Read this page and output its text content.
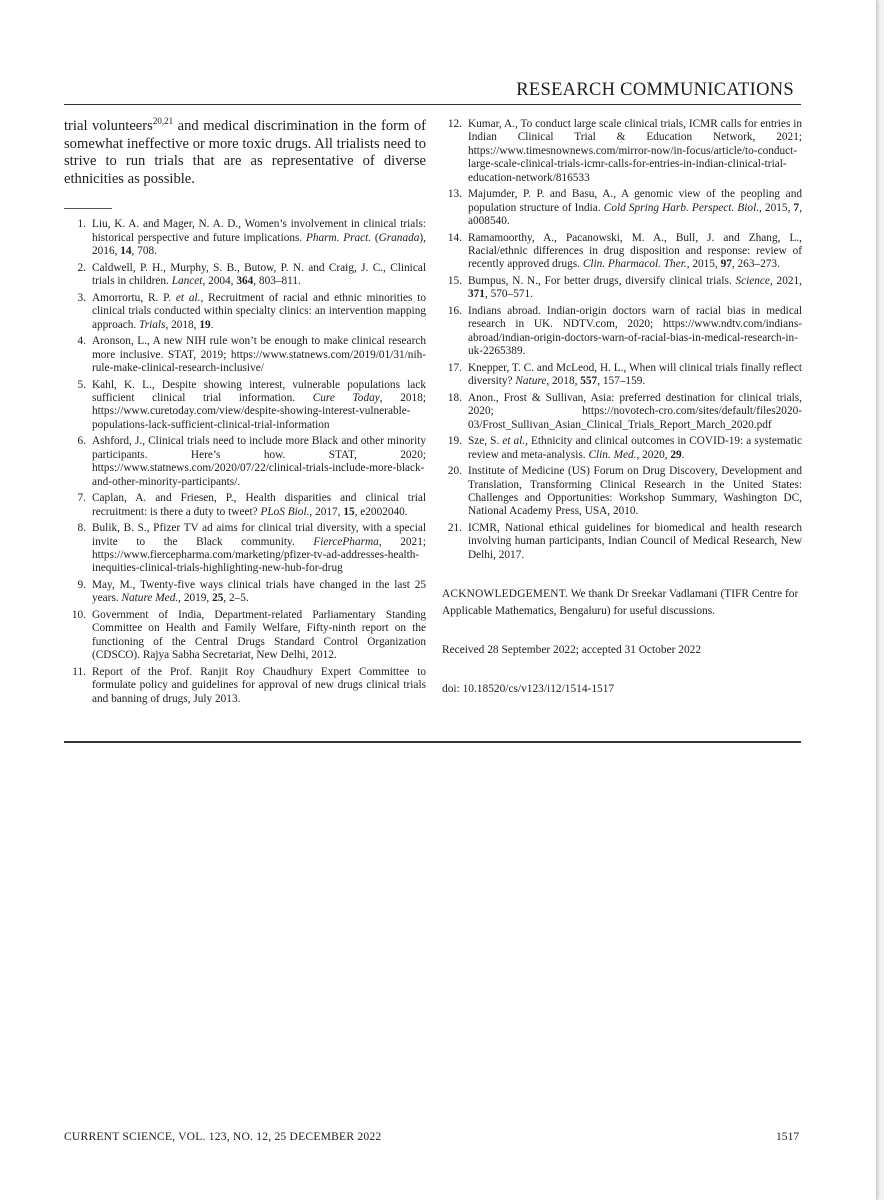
RESEARCH COMMUNICATIONS

trial volunteers$^{20,21}$ and medical discrimination in the form of somewhat ineffective or more toxic drugs. All trialists need to strive to run trials that are as representative of diverse ethnicities as possible.

1. Liu, K. A. and Mager, N. A. D., Women’s involvement in clinical trials: historical perspective and future implications. Pharm. Pract. (Granada), 2016, 14, 708.
2. Caldwell, P. H., Murphy, S. B., Butow, P. N. and Craig, J. C., Clinical trials in children. Lancet, 2004, 364, 803–811.
3. Amorrortu, R. P. et al., Recruitment of racial and ethnic minorities to clinical trials conducted within specialty clinics: an intervention mapping approach. Trials, 2018, 19.
4. Aronson, L., A new NIH rule won’t be enough to make clinical research more inclusive. STAT, 2019; https://www.statnews.com/2019/01/31/nih-rule-make-clinical-research-inclusive/
5. Kahl, K. L., Despite showing interest, vulnerable populations lack sufficient clinical trial information. Cure Today, 2018; https://www.curetoday.com/view/despite-showing-interest-vulnerable-populations-lack-sufficient-clinical-trial-information
6. Ashford, J., Clinical trials need to include more Black and other minority participants. Here’s how. STAT, 2020; https://www.statnews.com/2020/07/22/clinical-trials-include-more-black-and-other-minority-participants/.
7. Caplan, A. and Friesen, P., Health disparities and clinical trial recruitment: is there a duty to tweet? PLoS Biol., 2017, 15, e2002040.
8. Bulik, B. S., Pfizer TV ad aims for clinical trial diversity, with a special invite to the Black community. FiercePharma, 2021; https://www.fiercepharma.com/marketing/pfizer-tv-ad-addresses-health-inequities-clinical-trials-highlighting-new-hub-for-drug
9. May, M., Twenty-five ways clinical trials have changed in the last 25 years. Nature Med., 2019, 25, 2–5.
10. Government of India, Department-related Parliamentary Standing Committee on Health and Family Welfare, Fifty-ninth report on the functioning of the Central Drugs Standard Control Organization (CDSCO). Rajya Sabha Secretariat, New Delhi, 2012.
11. Report of the Prof. Ranjit Roy Chaudhury Expert Committee to formulate policy and guidelines for approval of new drugs clinical trials and banning of drugs, July 2013.
12. Kumar, A., To conduct large scale clinical trials, ICMR calls for entries in Indian Clinical Trial & Education Network, 2021; https://www.timesnownews.com/mirror-now/in-focus/article/to-conduct-large-scale-clinical-trials-icmr-calls-for-entries-in-indian-clinical-trial-education-network/816533
13. Majumder, P. P. and Basu, A., A genomic view of the peopling and population structure of India. Cold Spring Harb. Perspect. Biol., 2015, 7, a008540.
14. Ramamoorthy, A., Pacanowski, M. A., Bull, J. and Zhang, L., Racial/ethnic differences in drug disposition and response: review of recently approved drugs. Clin. Pharmacol. Ther., 2015, 97, 263–273.
15. Bumpus, N. N., For better drugs, diversify clinical trials. Science, 2021, 371, 570–571.
16. Indians abroad. Indian-origin doctors warn of racial bias in medical research in UK. NDTV.com, 2020; https://www.ndtv.com/indians-abroad/indian-origin-doctors-warn-of-racial-bias-in-medical-research-in-uk-2265389.
17. Knepper, T. C. and McLeod, H. L., When will clinical trials finally reflect diversity? Nature, 2018, 557, 157–159.
18. Anon., Frost & Sullivan, Asia: preferred destination for clinical trials, 2020; https://novotech-cro.com/sites/default/files2020-03/Frost_Sullivan_Asian_Clinical_Trials_Report_March_2020.pdf
19. Sze, S. et al., Ethnicity and clinical outcomes in COVID-19: a systematic review and meta-analysis. Clin. Med., 2020, 29.
20. Institute of Medicine (US) Forum on Drug Discovery, Development and Translation, Transforming Clinical Research in the United States: Challenges and Opportunities: Workshop Summary, Washington DC, National Academy Press, USA, 2010.
21. ICMR, National ethical guidelines for biomedical and health research involving human participants, Indian Council of Medical Research, New Delhi, 2017.
ACKNOWLEDGEMENT. We thank Dr Sreekar Vadlamani (TIFR Centre for Applicable Mathematics, Bengaluru) for useful discussions.
Received 28 September 2022; accepted 31 October 2022
doi: 10.18520/cs/v123/i12/1514-1517
CURRENT SCIENCE, VOL. 123, NO. 12, 25 DECEMBER 2022	1517
